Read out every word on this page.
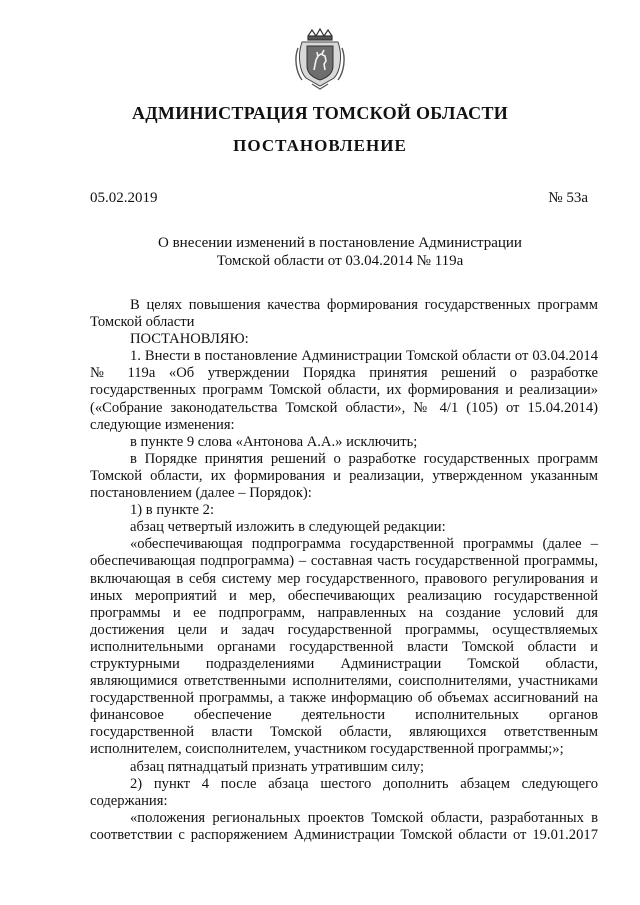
АДМИНИСТРАЦИЯ ТОМСКОЙ ОБЛАСТИ
ПОСТАНОВЛЕНИЕ
05.02.2019	№ 53а
О внесении изменений в постановление Администрации
Томской области от 03.04.2014 № 119а

В целях повышения качества формирования государственных программ Томской области

ПОСТАНОВЛЯЮ:

1. Внести в постановление Администрации Томской области от 03.04.2014 № 119а «Об утверждении Порядка принятия решений о разработке государственных программ Томской области, их формирования и реализации» («Собрание законодательства Томской области», № 4/1 (105) от 15.04.2014) следующие изменения:

в пункте 9 слова «Антонова А.А.» исключить;

в Порядке принятия решений о разработке государственных программ Томской области, их формирования и реализации, утвержденном указанным постановлением (далее – Порядок):

1) в пункте 2:

абзац четвертый изложить в следующей редакции:

«обеспечивающая подпрограмма государственной программы (далее – обеспечивающая подпрограмма) – составная часть государственной программы, включающая в себя систему мер государственного, правового регулирования и иных мероприятий и мер, обеспечивающих реализацию государственной программы и ее подпрограмм, направленных на создание условий для достижения цели и задач государственной программы, осуществляемых исполнительными органами государственной власти Томской области и структурными подразделениями Администрации Томской области, являющимися ответственными исполнителями, соисполнителями, участниками государственной программы, а также информацию об объемах ассигнований на финансовое обеспечение деятельности исполнительных органов государственной власти Томской области, являющихся ответственным исполнителем, соисполнителем, участником государственной программы;»;

абзац пятнадцатый признать утратившим силу;

2) пункт 4 после абзаца шестого дополнить абзацем следующего содержания:

«положения региональных проектов Томской области, разработанных в соответствии с распоряжением Администрации Томской области от 19.01.2017
